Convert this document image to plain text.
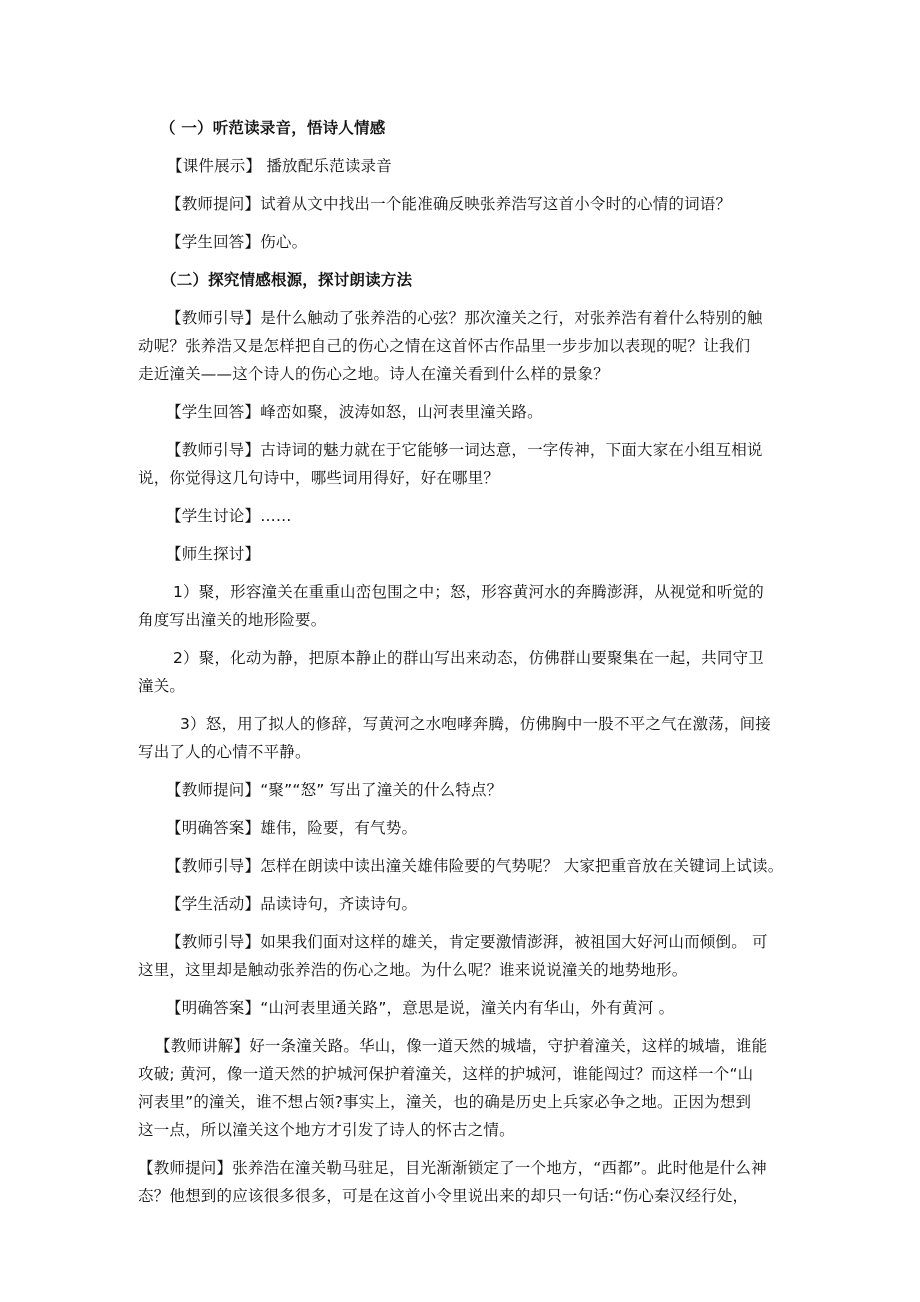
（ 一）听范读录音，悟诗人情感
【课件展示】 播放配乐范读录音
【教师提问】试着从文中找出一个能准确反映张养浩写这首小令时的心情的词语？
【学生回答】伤心。
（二）探究情感根源，探讨朗读方法
【教师引导】是什么触动了张养浩的心弦？那次潼关之行，对张养浩有着什么特别的触
动呢？张养浩又是怎样把自己的伤心之情在这首怀古作品里一步步加以表现的呢？让我们
走近潼关——这个诗人的伤心之地。诗人在潼关看到什么样的景象？
【学生回答】峰峦如聚，波涛如怒，山河表里潼关路。
【教师引导】古诗词的魅力就在于它能够一词达意，一字传神，下面大家在小组互相说
说，你觉得这几句诗中，哪些词用得好，好在哪里？
【学生讨论】……
【师生探讨】
1）聚，形容潼关在重重山峦包围之中；怒，形容黄河水的奔腾澎湃，从视觉和听觉的
角度写出潼关的地形险要。
2）聚，化动为静，把原本静止的群山写出来动态，仿佛群山要聚集在一起，共同守卫
潼关。
3）怒，用了拟人的修辞，写黄河之水咆哮奔腾，仿佛胸中一股不平之气在激荡，间接
写出了人的心情不平静。
【教师提问】“聚”“怒” 写出了潼关的什么特点？
【明确答案】雄伟，险要，有气势。
【教师引导】怎样在朗读中读出潼关雄伟险要的气势呢？ 大家把重音放在关键词上试读。
【学生活动】品读诗句，齐读诗句。
【教师引导】如果我们面对这样的雄关，肯定要激情澎湃，被祖国大好河山而倾倒。 可
这里，这里却是触动张养浩的伤心之地。为什么呢？谁来说说潼关的地势地形。
【明确答案】“山河表里通关路”，意思是说，潼关内有华山，外有黄河 。
【教师讲解】好一条潼关路。华山，像一道天然的城墙，守护着潼关，这样的城墙，谁能
攻破; 黄河，像一道天然的护城河保护着潼关，这样的护城河，谁能闯过？而这样一个“山
河表里”的潼关，谁不想占领?事实上，潼关，也的确是历史上兵家必争之地。正因为想到
这一点，所以潼关这个地方才引发了诗人的怀古之情。
【教师提问】张养浩在潼关勒马驻足，目光渐渐锁定了一个地方，“西都”。此时他是什么神
态？他想到的应该很多很多，可是在这首小令里说出来的却只一句话:“伤心秦汉经行处，
